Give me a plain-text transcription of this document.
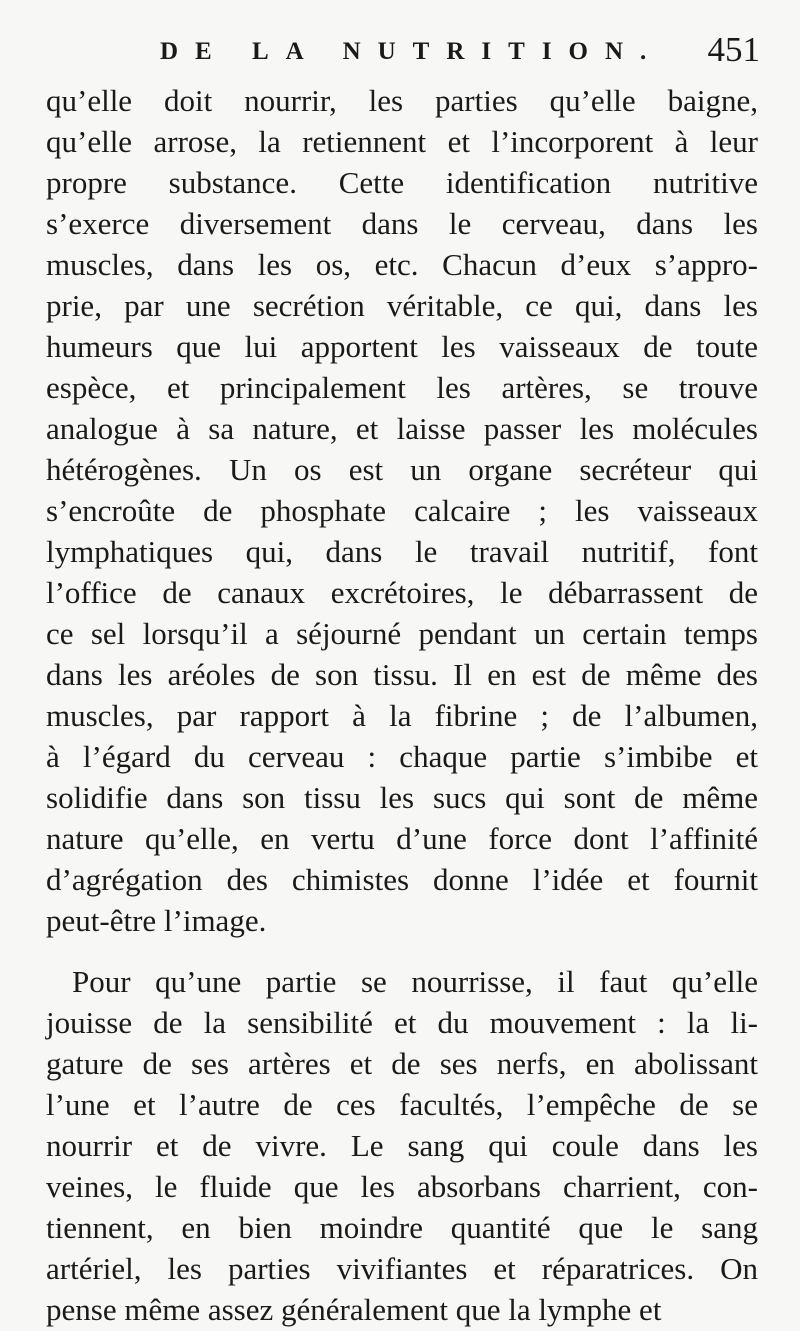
DE LA NUTRITION. 451
qu’elle doit nourrir, les parties qu’elle baigne,
qu’elle arrose, la retiennent et l’incorporent à leur
propre substance. Cette identification nutritive
s’exerce diversement dans le cerveau, dans les
muscles, dans les os, etc. Chacun d’eux s’appro-
prie, par une secrétion véritable, ce qui, dans les
humeurs que lui apportent les vaisseaux de toute
espèce, et principalement les artères, se trouve
analogue à sa nature, et laisse passer les molécules
hétérogènes. Un os est un organe secréteur qui
s’encroûte de phosphate calcaire ; les vaisseaux
lymphatiques qui, dans le travail nutritif, font
l’office de canaux excrétoires, le débarrassent de
ce sel lorsqu’il a séjourné pendant un certain temps
dans les aréoles de son tissu. Il en est de même des
muscles, par rapport à la fibrine ; de l’albumen,
à l’égard du cerveau : chaque partie s’imbibe et
solidifie dans son tissu les sucs qui sont de même
nature qu’elle, en vertu d’une force dont l’affinité
d’agrégation des chimistes donne l’idée et fournit
peut-être l’image.
Pour qu’une partie se nourrisse, il faut qu’elle
jouisse de la sensibilité et du mouvement : la li-
gature de ses artères et de ses nerfs, en abolissant
l’une et l’autre de ces facultés, l’empêche de se
nourrir et de vivre. Le sang qui coule dans les
veines, le fluide que les absorbans charrient, con-
tiennent, en bien moindre quantité que le sang
artériel, les parties vivifiantes et réparatrices. On
pense même assez généralement que la lymphe et
